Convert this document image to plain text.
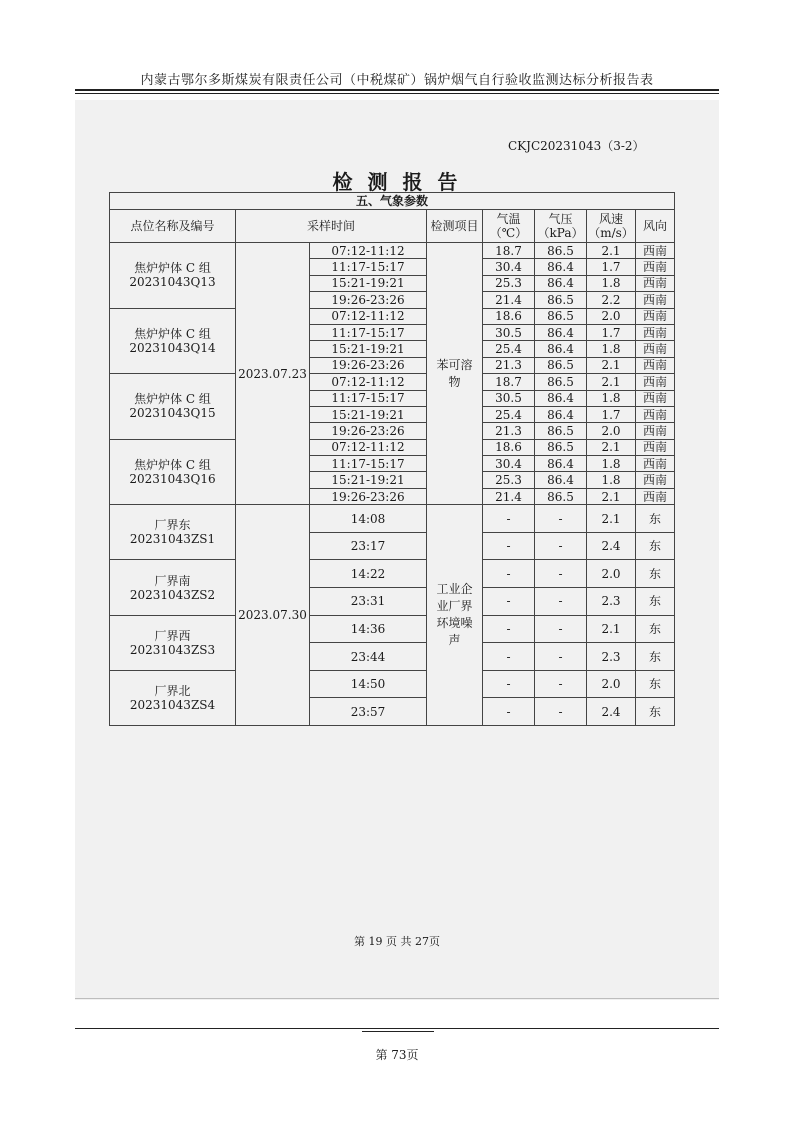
内蒙古鄂尔多斯煤炭有限责任公司（中税煤矿）锅炉烟气自行验收监测达标分析报告表
CKJC20231043（3-2）
检 测 报 告
五、气象参数							
点位名称及编号	采样时间		检测项目	气温（℃）	气压（kPa）	风速（m/s）	风向

焦炉炉体 C 组
20231043Q13	2023.07.23	07:12-11:12	苯可溶物	18.7	86.5	2.1	西南
		11:17-15:17		30.4	86.4	1.7	西南
		15:21-19:21		25.3	86.4	1.8	西南
		19:26-23:26		21.4	86.5	2.2	西南

焦炉炉体 C 组
20231043Q14		07:12-11:12		18.6	86.5	2.0	西南
		11:17-15:17		30.5	86.4	1.7	西南
		15:21-19:21		25.4	86.4	1.8	西南
		19:26-23:26		21.3	86.5	2.1	西南

焦炉炉体 C 组
20231043Q15		07:12-11:12		18.7	86.5	2.1	西南
		11:17-15:17		30.5	86.4	1.8	西南
		15:21-19:21		25.4	86.4	1.7	西南
		19:26-23:26		21.3	86.5	2.0	西南

焦炉炉体 C 组
20231043Q16		07:12-11:12		18.6	86.5	2.1	西南
		11:17-15:17		30.4	86.4	1.8	西南
		15:21-19:21		25.3	86.4	1.8	西南
		19:26-23:26		21.4	86.5	2.1	西南

厂界东
20231043ZS1	2023.07.30	14:08	工业企业厂界环境噪声	-	-	2.1	东
		23:17		-	-	2.4	东

厂界南
20231043ZS2		14:22		-	-	2.0	东
		23:31		-	-	2.3	东

厂界西
20231043ZS3		14:36		-	-	2.1	东
		23:44		-	-	2.3	东

厂界北
20231043ZS4		14:50		-	-	2.0	东
		23:57		-	-	2.4	东
第 19 页 共 27页
第 73页
